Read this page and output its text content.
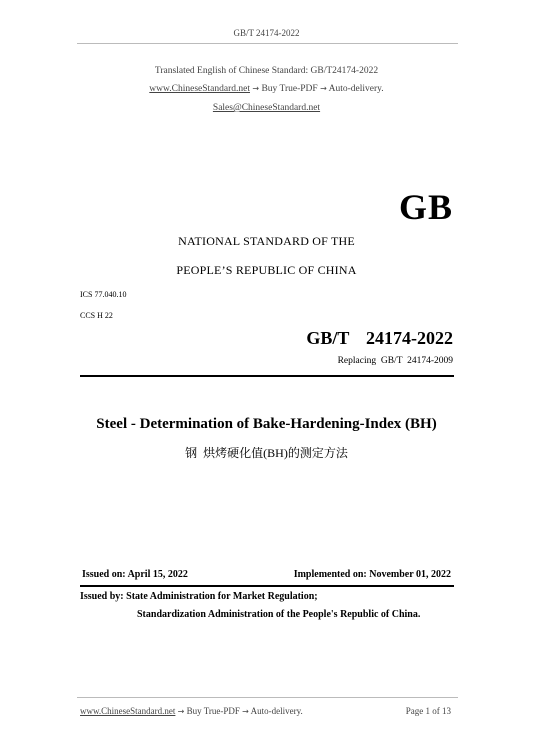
GB/T 24174-2022
Translated English of Chinese Standard: GB/T24174-2022
www.ChineseStandard.net → Buy True-PDF → Auto-delivery.
Sales@ChineseStandard.net
GB
NATIONAL STANDARD OF THE
PEOPLE’S REPUBLIC OF CHINA
ICS 77.040.10
CCS H 22
GB/T  24174-2022
Replacing  GB/T  24174-2009
Steel - Determination of Bake-Hardening-Index (BH)
钢  烘烤硬化值(BH)的测定方法
Issued on: April 15, 2022	Implemented on: November 01, 2022
Issued by: State Administration for Market Regulation;
Standardization Administration of the People's Republic of China.
www.ChineseStandard.net → Buy True-PDF → Auto-delivery.	Page 1 of 13
